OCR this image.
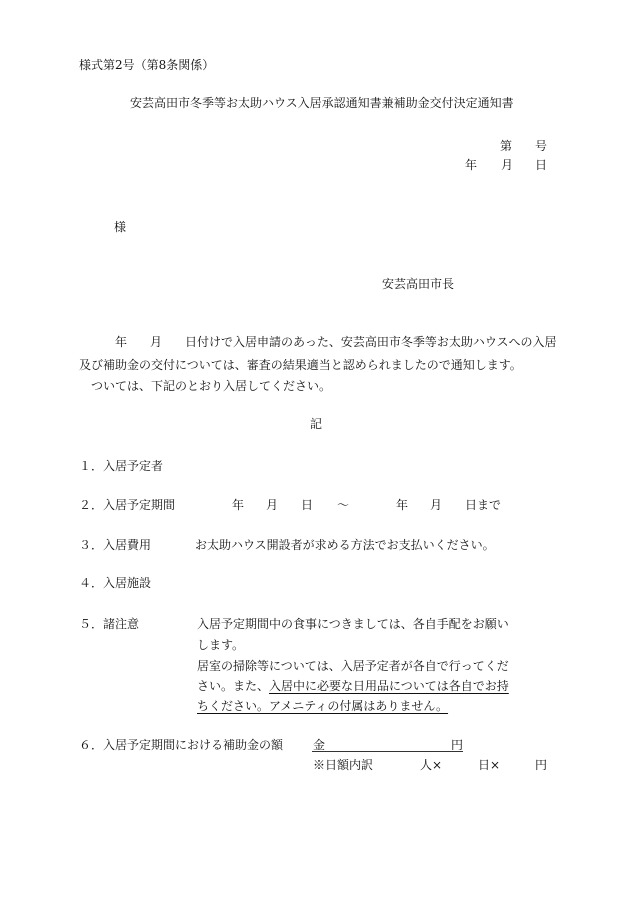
様式第2号（第8条関係）
安芸高田市冬季等お太助ハウス入居承認通知書兼補助金交付決定通知書
第 号
年 月 日
様
安芸高田市長
年 月 日付けで入居申請のあった、安芸高田市冬季等お太助ハウスへの入居
及び補助金の交付については、審査の結果適当と認められましたので通知します。
ついては、下記のとおり入居してください。
記
１．入居予定者
２．入居予定期間	年 月 日 ～	年 月 日まで
３．入居費用	お太助ハウス開設者が求める方法でお支払いください。
４．入居施設
５．諸注意	入居予定期間中の食事につきましては、各自手配をお願い
します。
居室の掃除等については、入居予定者が各自で行ってくだ
さい。また、入居中に必要な日用品については各自でお持
ちください。アメニティの付属はありません。
６．入居予定期間における補助金の額 金	円
※日額内訳	人×	日×	円
